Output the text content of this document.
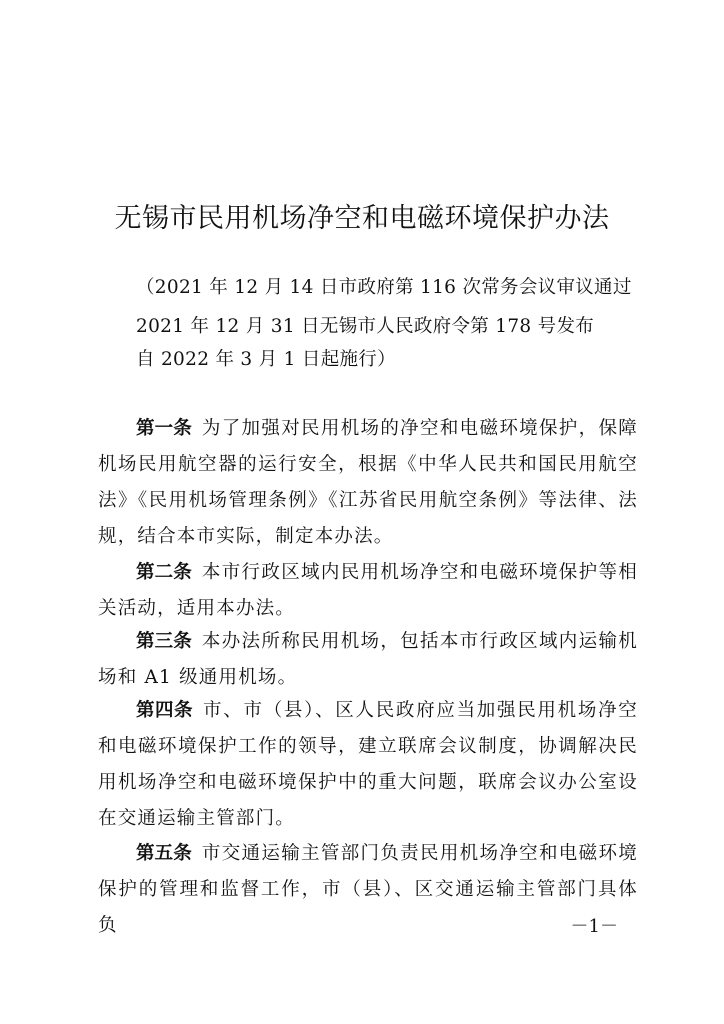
无锡市民用机场净空和电磁环境保护办法
（2021 年 12 月 14 日市政府第 116 次常务会议审议通过
2021 年 12 月 31 日无锡市人民政府令第 178 号发布
自 2022 年 3 月 1 日起施行）

第一条 为了加强对民用机场的净空和电磁环境保护，保障机场民用航空器的运行安全，根据《中华人民共和国民用航空法》《民用机场管理条例》《江苏省民用航空条例》等法律、法规，结合本市实际，制定本办法。

第二条 本市行政区域内民用机场净空和电磁环境保护等相关活动，适用本办法。

第三条 本办法所称民用机场，包括本市行政区域内运输机场和 A1 级通用机场。

第四条 市、市（县）、区人民政府应当加强民用机场净空和电磁环境保护工作的领导，建立联席会议制度，协调解决民用机场净空和电磁环境保护中的重大问题，联席会议办公室设在交通运输主管部门。

第五条 市交通运输主管部门负责民用机场净空和电磁环境保护的管理和监督工作，市（县）、区交通运输主管部门具体负	－1－
